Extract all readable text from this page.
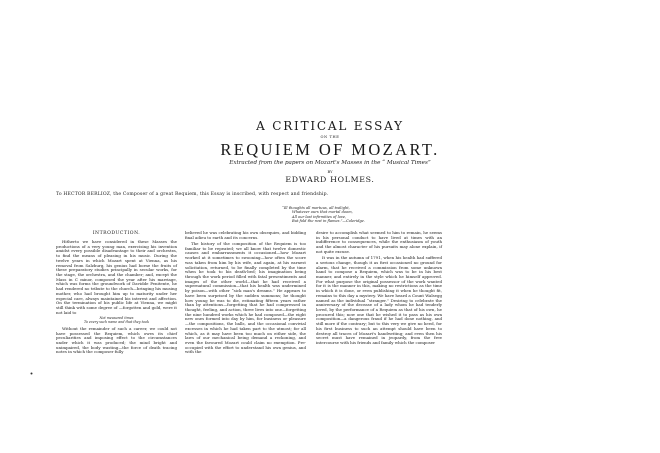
A CRITICAL ESSAY
ON THE
REQUIEM OF MOZART.
Extracted from the papers on Mozart's Masses in the “ Musical Times”
BY
EDWARD HOLMES.
To HECTOR BERLIOZ, the Composer of a great Requiem, this Essay is inscribed, with respect and friendship.
“Ill thoughts all mortuus, all twilight,
Whatever ours that mortal doom,
All our last infirmities of love,
But fold the rest in flames.”—Coleridge.
INTRODUCTION.

Hitherto we have considered in these Masses the productions of a very young man, exercising his invention amidst every possible disadvantage to their and orchestra, to find the means of pleasing in his music. During the twelve years in which Mozart spent at Vienna, as his removal from Salzburg, his genius had borne the fruits of these preparatory studies principally in secular works, for the stage, the orchestra, and the chamber; and, except the Mass in C minor, composed the year after his marriage, which was forms the groundwork of Davidde Penitente, he had rendered no tribute to the church—bringing his musing mother, who had brought him up to maturity under her especial care, always maintained his interest and affection. On the termination of his public life at Vienna, we might still think with some degree of —forgotten and gold, were it not laid to

Not measured times
To every such name and that they took

Without the remainder of such a career, we could not have possessed the Requiem, which owes its chief peculiarities and imposing effect to the circumstances under which it was produced; the mind bright and unimpaired, the body wasting—the force of death tracing notes in which the composer fully

believed he was celebrating his own obsequies, and bidding final adieu to earth and its concerns.

The history of the composition of the Requiem is too familiar to be repeated; we all know that twelve domestic causes and embarrassments it occasioned—how Mozart worked at it sometimes to swooning—how often the score was taken from him by his wife, and again, at his earnest solicitation, returned, to be finally completed by the time when he took to his death-bed; his imagination being through the work period filled with fatal presentiments and images of the other world—that he had received a supernatural commission—that his health was undermined by poison—with other “sick man's dreams.” He appears to have been surprised by the sudden summons; he thought how young he was to die, estimating fifteen years rather than by attentions—forgetting that he had compressed in thought, feeling, and action, three lives into one—forgetting the nine hundred works which he had composed—the eight new ones formed into day by him, for business or pleasure—the compositions, the balls, and the occasional convivial excesses in which he had taken part to the utmost; for all which, as it may have been too much on either side, the laws of our mechanical being demand a reckoning, and even the favoured Mozart could claim no exemption. Pre-occupied with the effort to understand his own genius, and with the

desire to accomplish what seemed to him to remain, he seems in his personal conduct to have lived at times with an indifference to consequences, while the enthusiasm of youth and the almost character of his pursuits may alone explain, if not quite excuse.

It was in the autumn of 1791, when his health had suffered a serious change, though it as first occasioned no ground for alarm, that he received a commission from some unknown hand to compose a Requiem, which was to be in his best manner, and entirely in the style which he himself approved. For what purpose the original possessor of the work wanted for it is the manner in this, making no restrictions as the time in which it is done, or even publishing it when he thought fit, remains to this day a mystery. We have heard a Count Walsegg named as the individual “stranger.” Desiring to celebrate the anniversary of the decease of a lady whom he had tenderly loved, by the performance of a Requiem as that of his own, he procured this; now one that he wished it to pass as his own composition—a dangerous fraud if he had done nothing, and still more if the contrary; but to this very we give no heed, for his first business to such an attempt should have been to destroy all traces of Mozart's handwriting; and even then his secret must have remained in jeopardy, from the free intercourse with his friends and family which the composer
